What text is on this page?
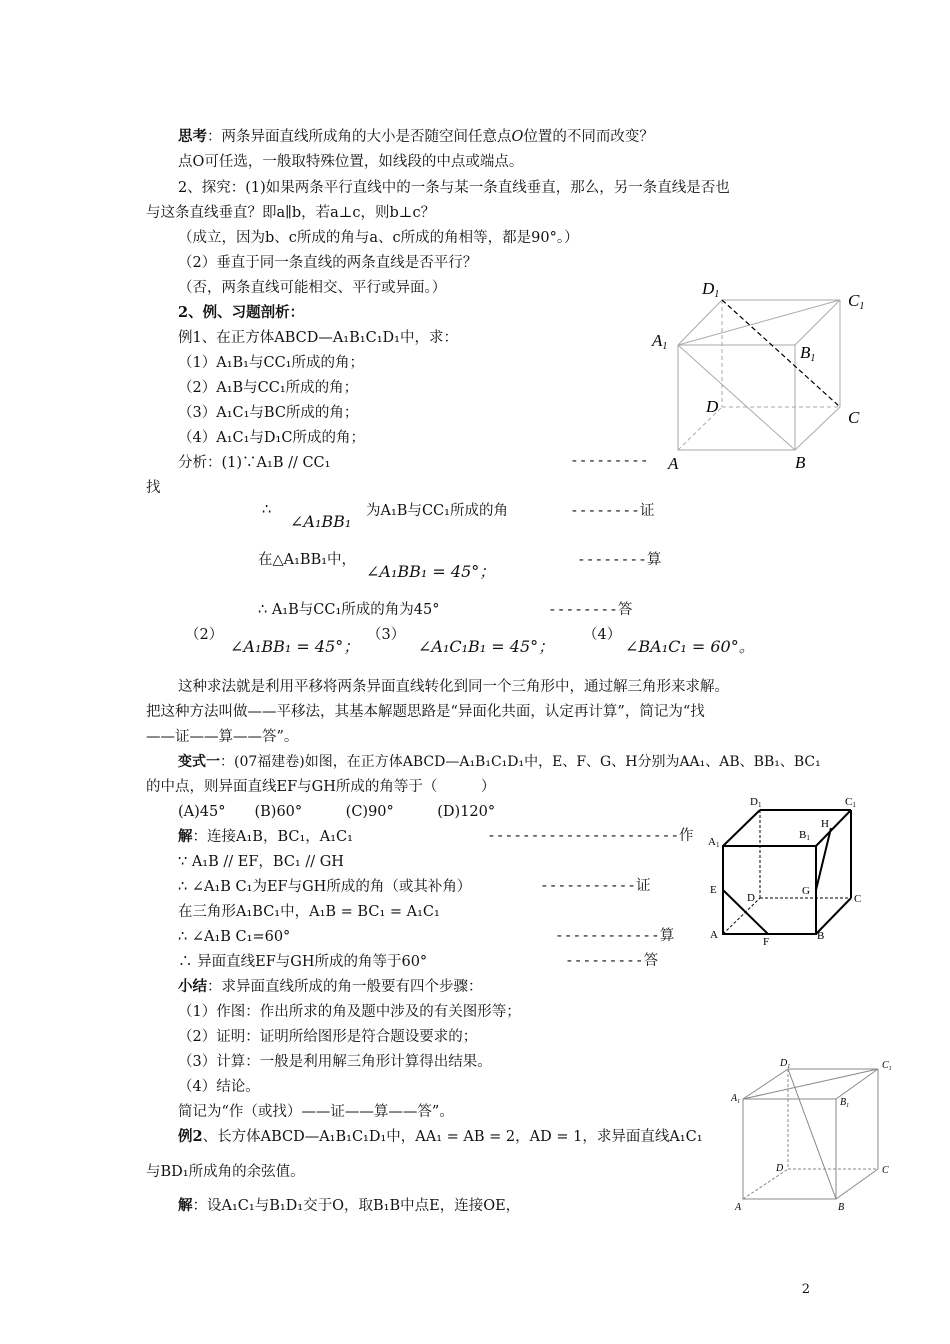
思考：两条异面直线所成角的大小是否随空间任意点O位置的不同而改变？
点O可任选，一般取特殊位置，如线段的中点或端点。
2、探究：(1)如果两条平行直线中的一条与某一条直线垂直，那么，另一条直线是否也
与这条直线垂直？即a∥b，若a⊥c，则b⊥c？
（成立，因为b、c所成的角与a、c所成的角相等，都是90°。）
（2）垂直于同一条直线的两条直线是否平行？
（否，两条直线可能相交、平行或异面。）
2、例、习题剖析：
例1、在正方体ABCD—A₁B₁C₁D₁中，求：
（1）A₁B₁与CC₁所成的角；
（2）A₁B与CC₁所成的角；
（3）A₁C₁与BC所成的角；
（4）A₁C₁与D₁C所成的角；
分析：(1)∵A₁B // CC₁	---------
找
∴
∠A₁BB₁
为A₁B与CC₁所成的角	--------证
在△A₁BB₁中，
∠A₁BB₁ = 45°；
--------算
∴ A₁B与CC₁所成的角为45°	--------答
（2）
∠A₁BB₁ = 45°；
（3）
∠A₁C₁B₁ = 45°；
（4）
∠BA₁C₁ = 60°。
这种求法就是利用平移将两条异面直线转化到同一个三角形中，通过解三角形来求解。
把这种方法叫做——平移法，其基本解题思路是“异面化共面，认定再计算”，简记为“找
——证——算——答”。
变式一：(07福建卷)如图，在正方体ABCD—A₁B₁C₁D₁中，E、F、G、H分别为AA₁、AB、BB₁、BC₁
的中点，则异面直线EF与GH所成的角等于（　　　）
(A)45°　　(B)60°　　　(C)90°　　　(D)120°
解：连接A₁B，BC₁，A₁C₁	----------------------作
∵ A₁B // EF，BC₁ // GH
∴ ∠A₁B C₁为EF与GH所成的角（或其补角）	-----------证
在三角形A₁BC₁中，A₁B = BC₁ = A₁C₁
∴ ∠A₁B C₁=60°	------------算
∴ 异面直线EF与GH所成的角等于60°	---------答
小结：求异面直线所成的角一般要有四个步骤：
（1）作图：作出所求的角及题中涉及的有关图形等；
（2）证明：证明所给图形是符合题设要求的；
（3）计算：一般是利用解三角形计算得出结果。
（4）结论。
简记为“作（或找）——证——算——答”。
例2、长方体ABCD—A₁B₁C₁D₁中，AA₁ = AB = 2，AD = 1，求异面直线A₁C₁
与BD₁所成角的余弦值。
解：设A₁C₁与B₁D₁交于O，取B₁B中点E，连接OE，
D1	C1
A1	B1
D
C
A	B
D1	C1
A1
B1
H
E
D
G
C
A
F	B
$D_1$	$C_1$
$A_1$	$B_1$
D	C
A	B
2
